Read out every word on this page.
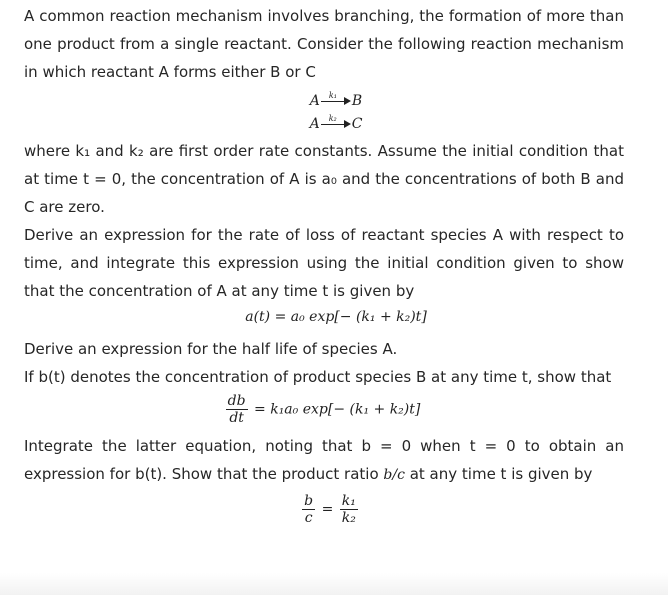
A common reaction mechanism involves branching, the formation of more than one product from a single reactant. Consider the following reaction mechanism in which reactant A forms either B or C

A k₁ B
A k₂ C

where k₁ and k₂ are first order rate constants. Assume the initial condition that at time t = 0, the concentration of A is a₀ and the concentrations of both B and C are zero.

Derive an expression for the rate of loss of reactant species A with respect to time, and integrate this expression using the initial condition given to show that the concentration of A at any time t is given by

a(t) = a₀ exp[− (k₁ + k₂)t]

Derive an expression for the half life of species A.

If b(t) denotes the concentration of product species B at any time t, show that

$\frac{db}{dt} = k_1a_0$ exp[− (k₁ + k₂)t]

Integrate the latter equation, noting that b = 0 when t = 0 to obtain an expression for b(t). Show that the product ratio b/c at any time t is given by

$\frac{b}{c} = \frac{\text{k₁}}{\text{k₂}}$
